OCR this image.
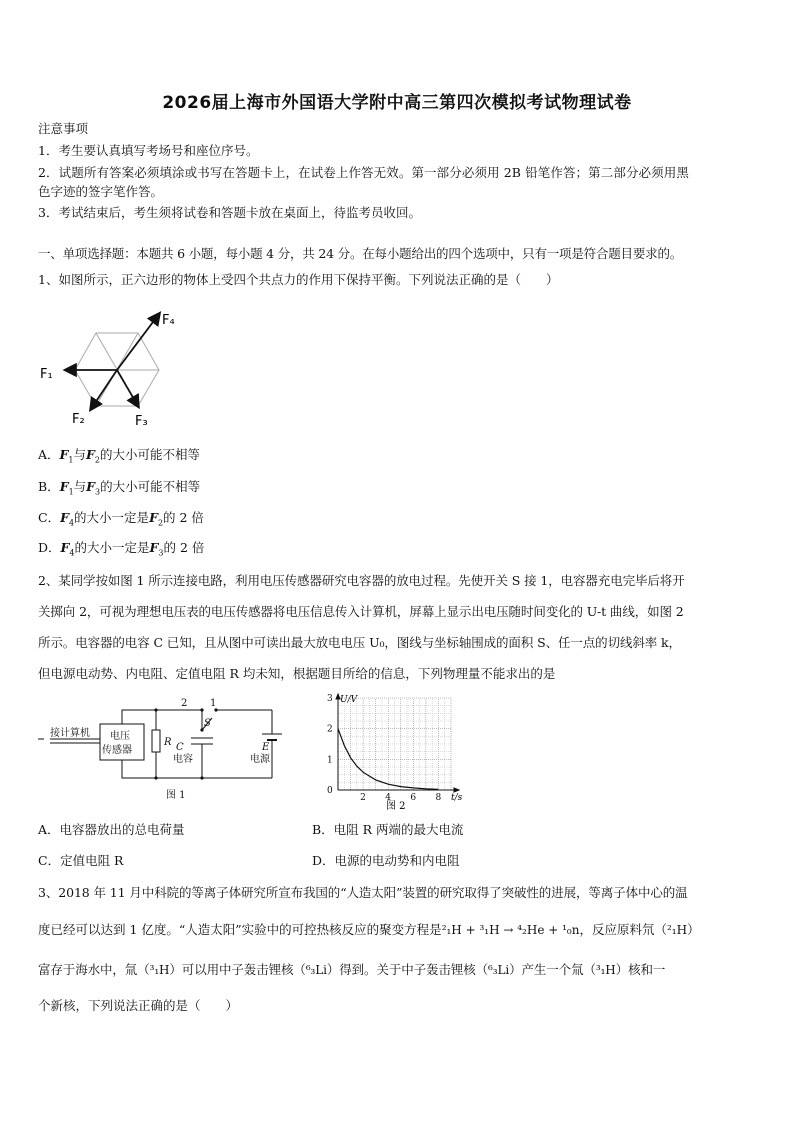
2026届上海市外国语大学附中高三第四次模拟考试物理试卷
注意事项
1．考生要认真填写考场号和座位序号。
2．试题所有答案必须填涂或书写在答题卡上，在试卷上作答无效。第一部分必须用 2B 铅笔作答；第二部分必须用黑
色字迹的签字笔作答。
3．考试结束后，考生须将试卷和答题卡放在桌面上，待监考员收回。
一、单项选择题：本题共 6 小题，每小题 4 分，共 24 分。在每小题给出的四个选项中，只有一项是符合题目要求的。
1、如图所示，正六边形的物体上受四个共点力的作用下保持平衡。下列说法正确的是（　　）
F₄
F₁
F₂	F₃
A．$F_1$与$F_2$的大小可能不相等
B．$F_1$与$F_3$的大小可能不相等
C．$F_4$的大小一定是$F_2$的 2 倍
D．$F_4$的大小一定是$F_3$的 2 倍
2、某同学按如图 1 所示连接电路，利用电压传感器研究电容器的放电过程。先使开关 S 接 1，电容器充电完毕后将开
关掷向 2，可视为理想电压表的电压传感器将电压信息传入计算机，屏幕上显示出电压随时间变化的 U-t 曲线，如图 2
所示。电容器的电容 C 已知，且从图中可读出最大放电电压 U₀，图线与坐标轴围成的面积 S、任一点的切线斜率 k，
但电源电动势、内电阻、定值电阻 R 均未知，根据题目所给的信息，下列物理量不能求出的是
接计算机 电压
传感器
R C
电容
E
电源
S
1
2
图 1	2 4 6 8
0
1
2
3 U/V
t/s
图 2
A．电容器放出的总电荷量	B．电阻 R 两端的最大电流
C．定值电阻 R	D．电源的电动势和内电阻
3、2018 年 11 月中科院的等离子体研究所宣布我国的“人造太阳”装置的研究取得了突破性的进展，等离子体中心的温
度已经可以达到 1 亿度。“人造太阳”实验中的可控热核反应的聚变方程是²₁H + ³₁H → ⁴₂He + ¹₀n，反应原料氘（²₁H）
富存于海水中，氚（³₁H）可以用中子轰击锂核（⁶₃Li）得到。关于中子轰击锂核（⁶₃Li）产生一个氚（³₁H）核和一
个新核，下列说法正确的是（　　）
